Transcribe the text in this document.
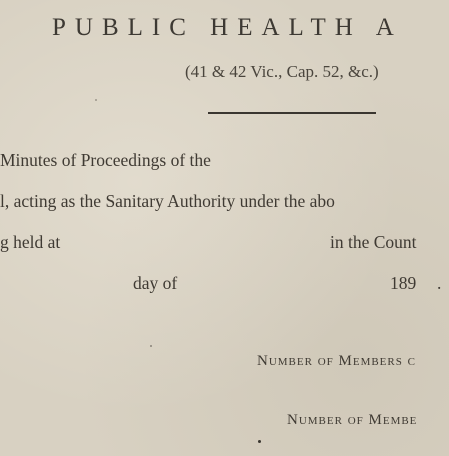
PUBLIC HEALTH A
(41 & 42 Vic., Cap. 52, &c.)
Minutes of Proceedings of the
l, acting as the Sanitary Authority under the abo
g held at	in the Count
day of	189 .
Number of Members c
Number of Membe
